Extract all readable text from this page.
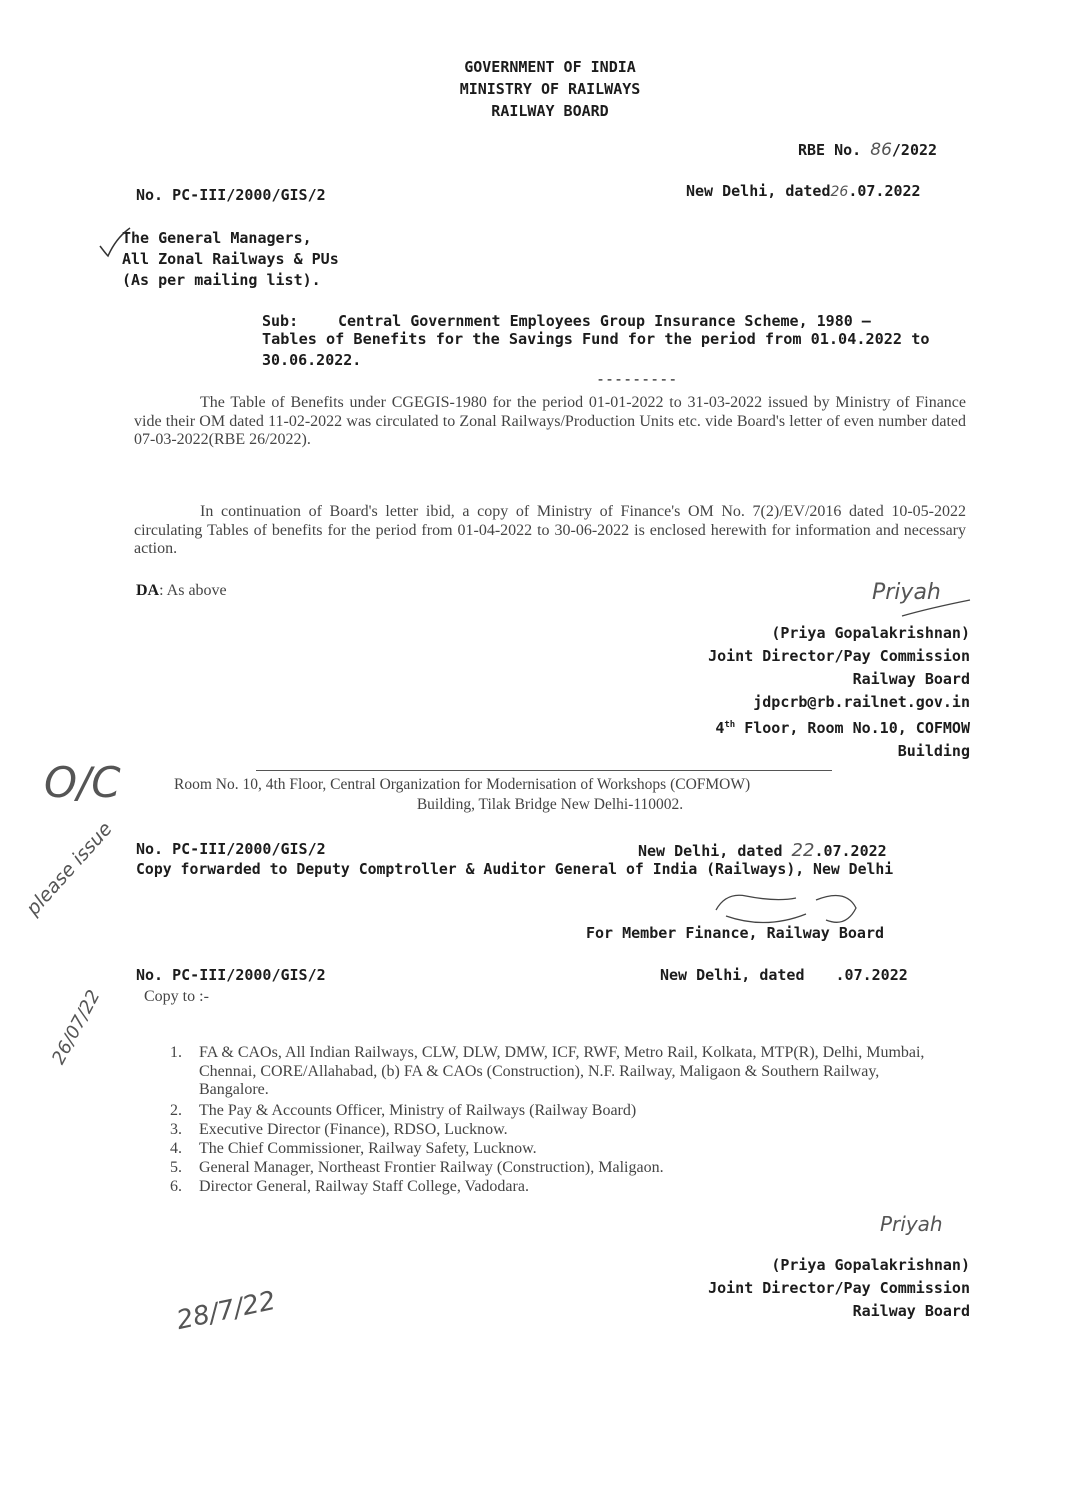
GOVERNMENT OF INDIA
MINISTRY OF RAILWAYS
RAILWAY BOARD
RBE No. 86/2022
No. PC-III/2000/GIS/2	New Delhi, dated26.07.2022
The General Managers,
All Zonal Railways & PUs
(As per mailing list).
Sub:	Central Government Employees Group Insurance Scheme, 1980 –
Tables of Benefits for the Savings Fund for the period from 01.04.2022 to
30.06.2022.
---------
The Table of Benefits under CGEGIS-1980 for the period 01-01-2022 to 31-03-2022 issued by Ministry of Finance vide their OM dated 11-02-2022 was circulated to Zonal Railways/Production Units etc. vide Board's letter of even number dated 07-03-2022(RBE 26/2022).
In continuation of Board's letter ibid, a copy of Ministry of Finance's OM No. 7(2)/EV/2016 dated 10-05-2022 circulating Tables of benefits for the period from 01-04-2022 to 30-06-2022 is enclosed herewith for information and necessary action.
DA: As above	Priyah
(Priya Gopalakrishnan)
Joint Director/Pay Commission
Railway Board
jdpcrb@rb.railnet.gov.in
4th Floor, Room No.10, COFMOW
Building
Room No. 10, 4th Floor, Central Organization for Modernisation of Workshops (COFMOW)
Building, Tilak Bridge New Delhi-110002.
O/C
please issue
26/07/22
28/7/22
No. PC-III/2000/GIS/2	New Delhi, dated 22.07.2022
Copy forwarded to Deputy Comptroller & Auditor General of India (Railways), New Delhi
For Member Finance, Railway Board
No. PC-III/2000/GIS/2	New Delhi, dated .07.2022
Copy to :-
1.	FA & CAOs, All Indian Railways, CLW, DLW, DMW, ICF, RWF, Metro Rail, Kolkata, MTP(R), Delhi, Mumbai, Chennai, CORE/Allahabad, (b) FA & CAOs (Construction), N.F. Railway, Maligaon & Southern Railway, Bangalore.
2.	The Pay & Accounts Officer, Ministry of Railways (Railway Board)
3.	Executive Director (Finance), RDSO, Lucknow.
4.	The Chief Commissioner, Railway Safety, Lucknow.
5.	General Manager, Northeast Frontier Railway (Construction), Maligaon.
6.	Director General, Railway Staff College, Vadodara.
Priyah
(Priya Gopalakrishnan)
Joint Director/Pay Commission
Railway Board
